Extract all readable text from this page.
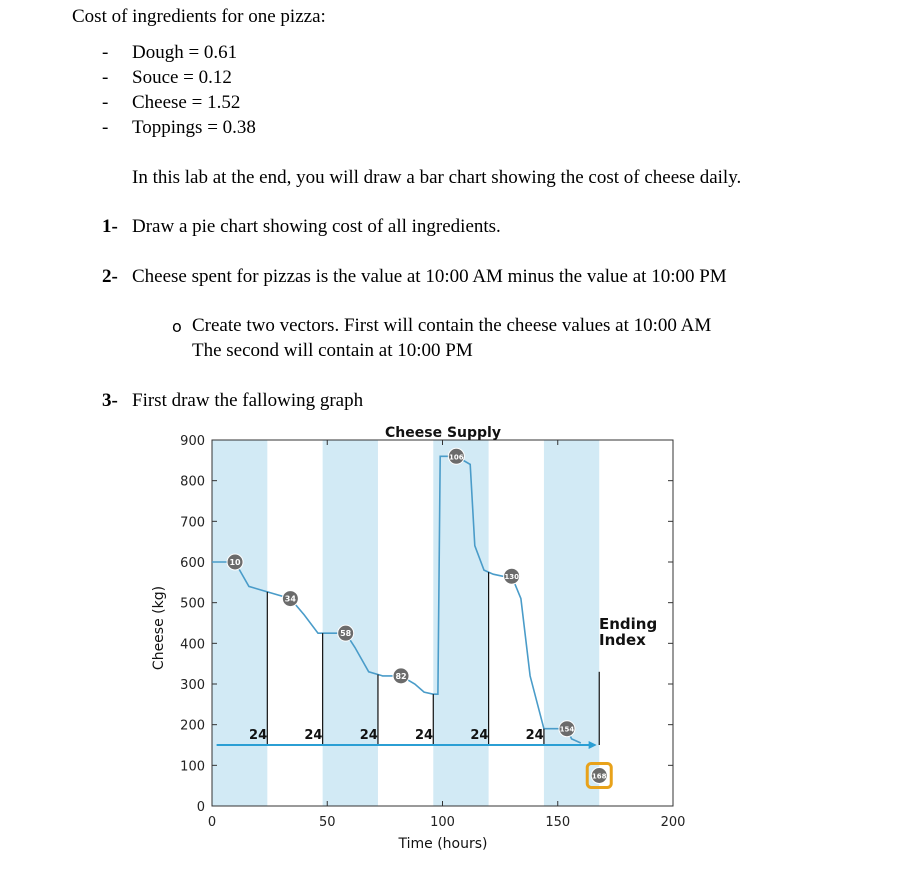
Cost of ingredients for one pizza:
- Dough = 0.61
- Souce = 0.12
- Cheese = 1.52
- Toppings = 0.38
In this lab at the end, you will draw a bar chart showing the cost of cheese daily.
1- Draw a pie chart showing cost of all ingredients.
2- Cheese spent for pizzas is the value at 10:00 AM minus the value at 10:00 PM
o Create two vectors. First will contain the cheese values at 10:00 AM
The second will contain at 10:00 PM
3- First draw the fallowing graph
0
100
200
300
400
500
600
700
800
900
0	50	100	150	200
Cheese Supply
Time (hours)
Cheese (kg)
24	24	24	24	24	24
10
34
58
82
106
130
154
168
Ending
Index
